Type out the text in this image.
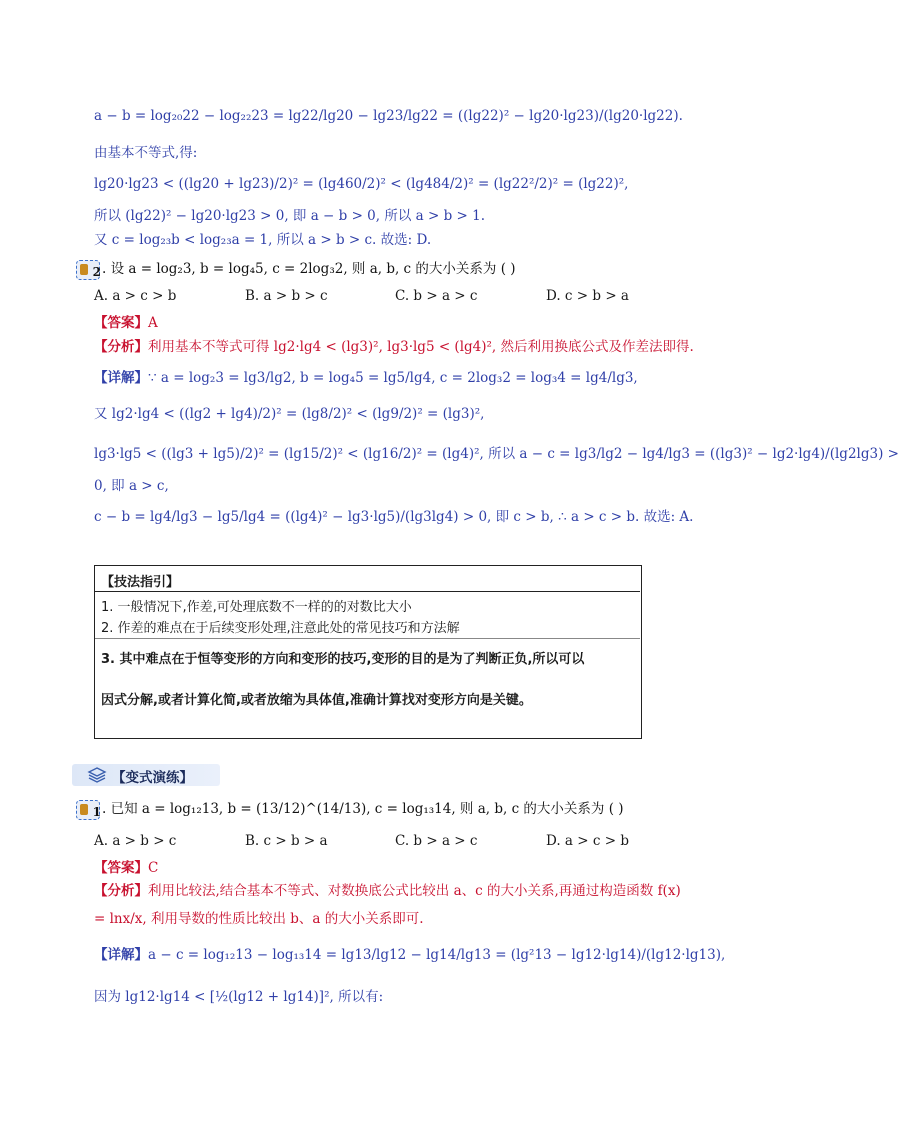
a − b = log₂₀22 − log₂₂23 = lg22/lg20 − lg23/lg22 = ((lg22)² − lg20·lg23)/(lg20·lg22).
由基本不等式,得:
lg20·lg23 < ((lg20 + lg23)/2)² = (lg460/2)² < (lg484/2)² = (lg22²/2)² = (lg22)²,
所以 (lg22)² − lg20·lg23 > 0, 即 a − b > 0, 所以 a > b > 1.
又 c = log₂₃b < log₂₃a = 1, 所以 a > b > c. 故选: D.
2 . 设 a = log₂3, b = log₄5, c = 2log₃2, 则 a, b, c 的大小关系为 ( )
A. a > c > b	B. a > b > c	C. b > a > c	D. c > b > a
【答案】A
【分析】利用基本不等式可得 lg2·lg4 < (lg3)², lg3·lg5 < (lg4)², 然后利用换底公式及作差法即得.
【详解】∵ a = log₂3 = lg3/lg2, b = log₄5 = lg5/lg4, c = 2log₃2 = log₃4 = lg4/lg3,
又 lg2·lg4 < ((lg2 + lg4)/2)² = (lg8/2)² < (lg9/2)² = (lg3)²,
lg3·lg5 < ((lg3 + lg5)/2)² = (lg15/2)² < (lg16/2)² = (lg4)², 所以 a − c = lg3/lg2 − lg4/lg3 = ((lg3)² − lg2·lg4)/(lg2lg3) >
0, 即 a > c,
c − b = lg4/lg3 − lg5/lg4 = ((lg4)² − lg3·lg5)/(lg3lg4) > 0, 即 c > b, ∴ a > c > b. 故选: A.
【技法指引】
1. 一般情况下,作差,可处理底数不一样的的对数比大小
2. 作差的难点在于后续变形处理,注意此处的常见技巧和方法解
3. 其中难点在于恒等变形的方向和变形的技巧,变形的目的是为了判断正负,所以可以
因式分解,或者计算化简,或者放缩为具体值,准确计算找对变形方向是关键。
【变式演练】
1 . 已知 a = log₁₂13, b = (13/12)^(14/13), c = log₁₃14, 则 a, b, c 的大小关系为 ( )
A. a > b > c	B. c > b > a	C. b > a > c	D. a > c > b
【答案】C
【分析】利用比较法,结合基本不等式、对数换底公式比较出 a、c 的大小关系,再通过构造函数 f(x)
= lnx/x, 利用导数的性质比较出 b、a 的大小关系即可.
【详解】a − c = log₁₂13 − log₁₃14 = lg13/lg12 − lg14/lg13 = (lg²13 − lg12·lg14)/(lg12·lg13),
因为 lg12·lg14 < [½(lg12 + lg14)]², 所以有:
